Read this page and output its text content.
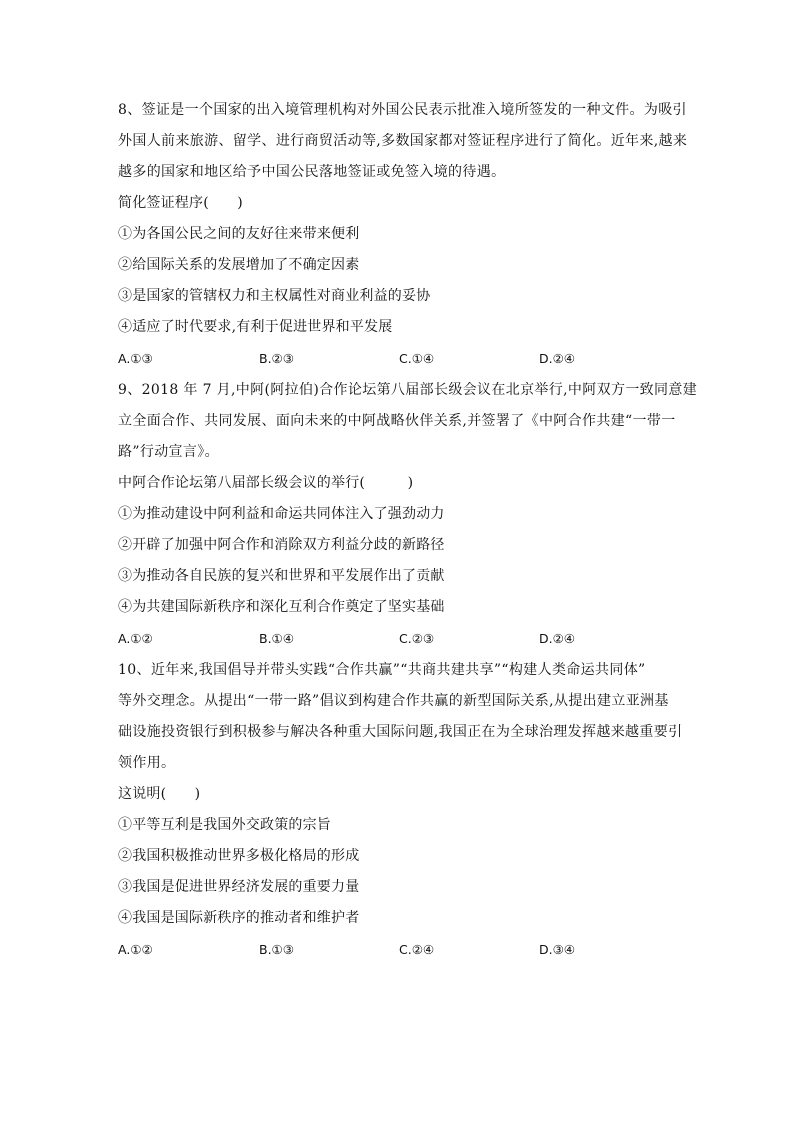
8、签证是一个国家的出入境管理机构对外国公民表示批准入境所签发的一种文件。为吸引
外国人前来旅游、留学、进行商贸活动等,多数国家都对签证程序进行了简化。近年来,越来
越多的国家和地区给予中国公民落地签证或免签入境的待遇。
简化签证程序(　　)
①为各国公民之间的友好往来带来便利
②给国际关系的发展增加了不确定因素
③是国家的管辖权力和主权属性对商业利益的妥协
④适应了时代要求,有利于促进世界和平发展
A.①③	B.②③	C.①④	D.②④
9、2018 年 7 月,中阿(阿拉伯)合作论坛第八届部长级会议在北京举行,中阿双方一致同意建
立全面合作、共同发展、面向未来的中阿战略伙伴关系,并签署了《中阿合作共建“一带一
路”行动宣言》。
中阿合作论坛第八届部长级会议的举行(　　　)
①为推动建设中阿利益和命运共同体注入了强劲动力
②开辟了加强中阿合作和消除双方利益分歧的新路径
③为推动各自民族的复兴和世界和平发展作出了贡献
④为共建国际新秩序和深化互利合作奠定了坚实基础
A.①②	B.①④	C.②③	D.②④
10、近年来,我国倡导并带头实践“合作共赢”“共商共建共享”“构建人类命运共同体”
等外交理念。从提出“一带一路”倡议到构建合作共赢的新型国际关系,从提出建立亚洲基
础设施投资银行到积极参与解决各种重大国际问题,我国正在为全球治理发挥越来越重要引
领作用。
这说明(　　)
①平等互利是我国外交政策的宗旨
②我国积极推动世界多极化格局的形成
③我国是促进世界经济发展的重要力量
④我国是国际新秩序的推动者和维护者
A.①②	B.①③	C.②④	D.③④
